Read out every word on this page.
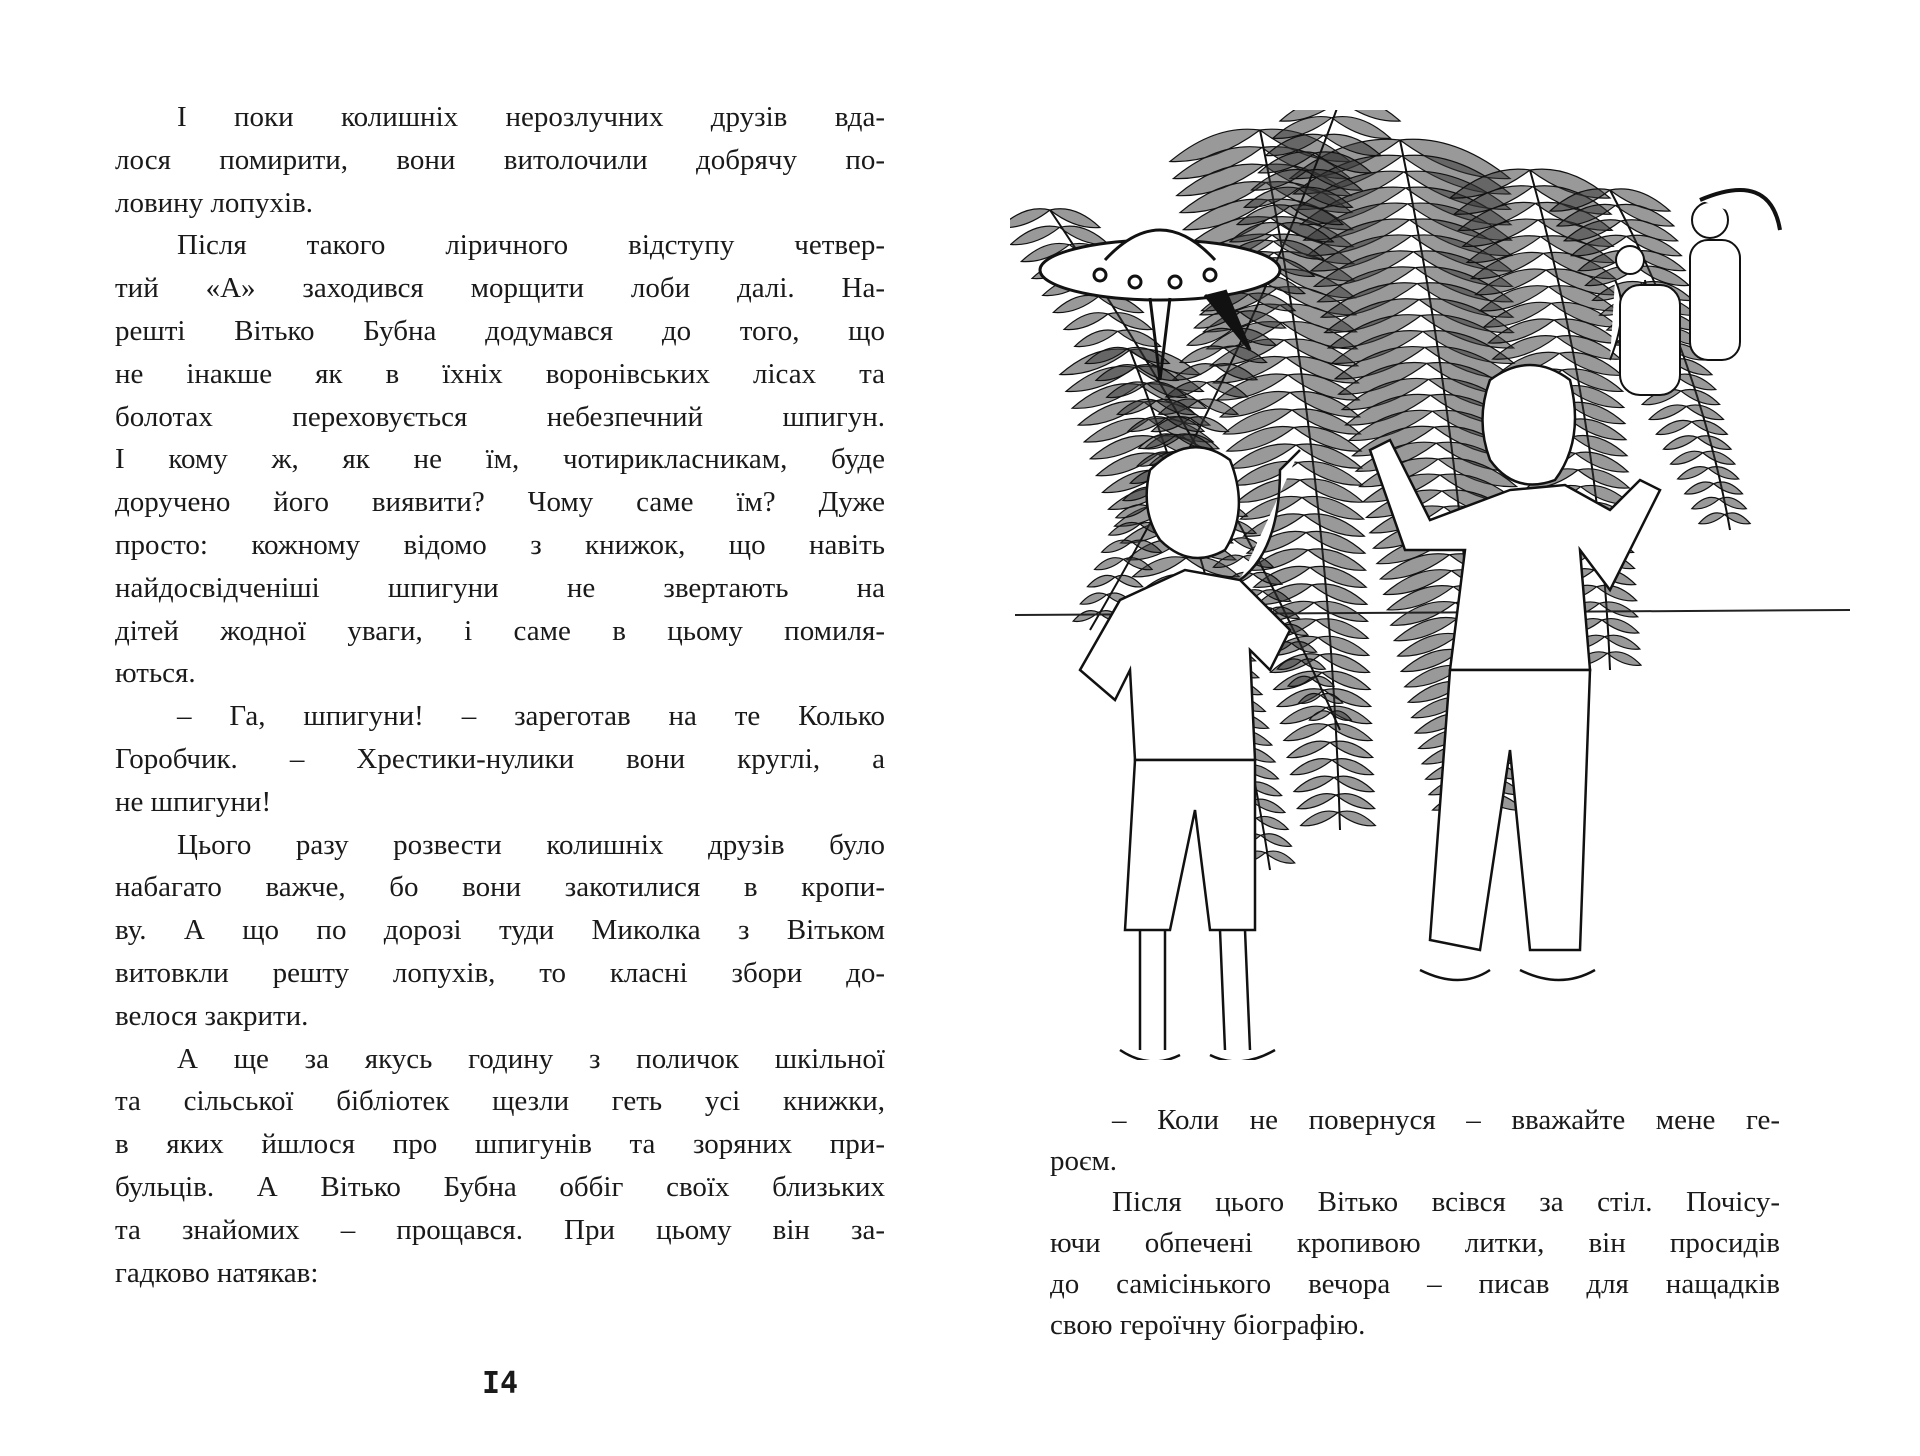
І поки колишніх нерозлучних друзів вда-
лося помирити, вони витолочили добрячу по-
ловину лопухів.
Після такого ліричного відступу четвер-
тий «А» заходився морщити лоби далі. На-
решті Вітько Бубна додумався до того, що
не інакше як в їхніх воронівських лісах та
болотах переховується небезпечний шпигун.
І кому ж, як не їм, чотирикласникам, буде
доручено його виявити? Чому саме їм? Дуже
просто: кожному відомо з книжок, що навіть
найдосвідченіші шпигуни не звертають на
дітей жодної уваги, і саме в цьому помиля-
ються.
– Га, шпигуни! – зареготав на те Колько
Горобчик. – Хрестики-нулики вони круглі, а
не шпигуни!
Цього разу розвести колишніх друзів було
набагато важче, бо вони закотилися в кропи-
ву. А що по дорозі туди Миколка з Вітьком
витовкли решту лопухів, то класні збори до-
велося закрити.
А ще за якусь годину з поличок шкільної
та сільської бібліотек щезли геть усі книжки,
в яких йшлося про шпигунів та зоряних при-
бульців. А Вітько Бубна оббіг своїх близьких
та знайомих – прощався. При цьому він за-
гадково натякав:
I4
– Коли не повернуся – вважайте мене ге-
роєм.
Після цього Вітько всівся за стіл. Почісу-
ючи обпечені кропивою литки, він просидів
до самісінького вечора – писав для нащадків
свою героїчну біографію.
